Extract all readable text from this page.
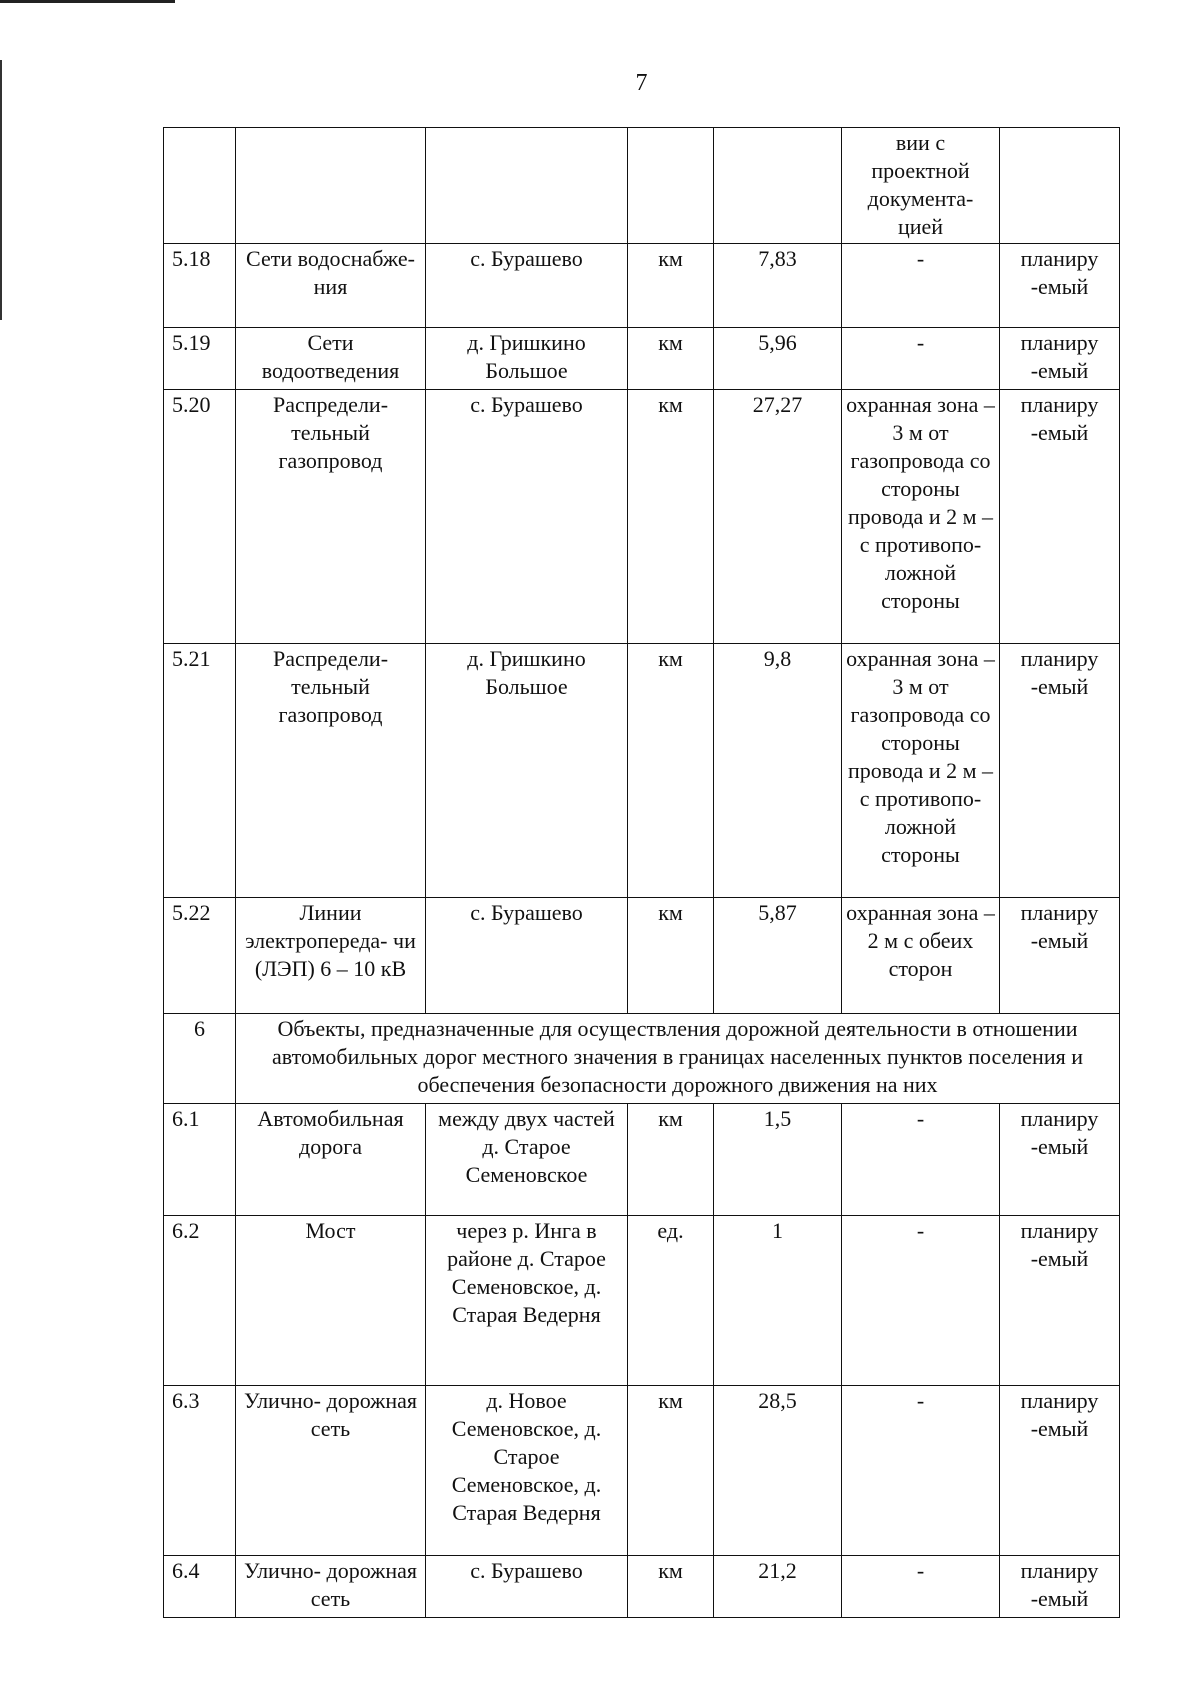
7
					вии с проектной документа- цией	
5.18	Сети водоснабже- ния	с. Бурашево	км	7,83	-	планиру -емый
5.19	Сети водоотведения	д. Гришкино Большое	км	5,96	-	планиру -емый
5.20	Распредели- тельный газопровод	с. Бурашево	км	27,27	охранная зона – 3 м от газопровода со стороны провода и 2 м – с противопо- ложной стороны	планиру -емый
5.21	Распредели- тельный газопровод	д. Гришкино Большое	км	9,8	охранная зона – 3 м от газопровода со стороны провода и 2 м – с противопо- ложной стороны	планиру -емый
5.22	Линии электропереда- чи (ЛЭП) 6 – 10 кВ	с. Бурашево	км	5,87	охранная зона – 2 м с обеих сторон	планиру -емый
6	Объекты, предназначенные для осуществления дорожной деятельности в отношении автомобильных дорог местного значения в границах населенных пунктов поселения и обеспечения безопасности дорожного движения на них					
6.1	Автомобильная дорога	между двух частей д. Старое Семеновское	км	1,5	-	планиру -емый
6.2	Мост	через р. Инга в районе д. Старое Семеновское, д. Старая Ведерня	ед.	1	-	планиру -емый
6.3	Улично- дорожная сеть	д. Новое Семеновское, д. Старое Семеновское, д. Старая Ведерня	км	28,5	-	планиру -емый
6.4	Улично- дорожная сеть	с. Бурашево	км	21,2	-	планиру -емый
